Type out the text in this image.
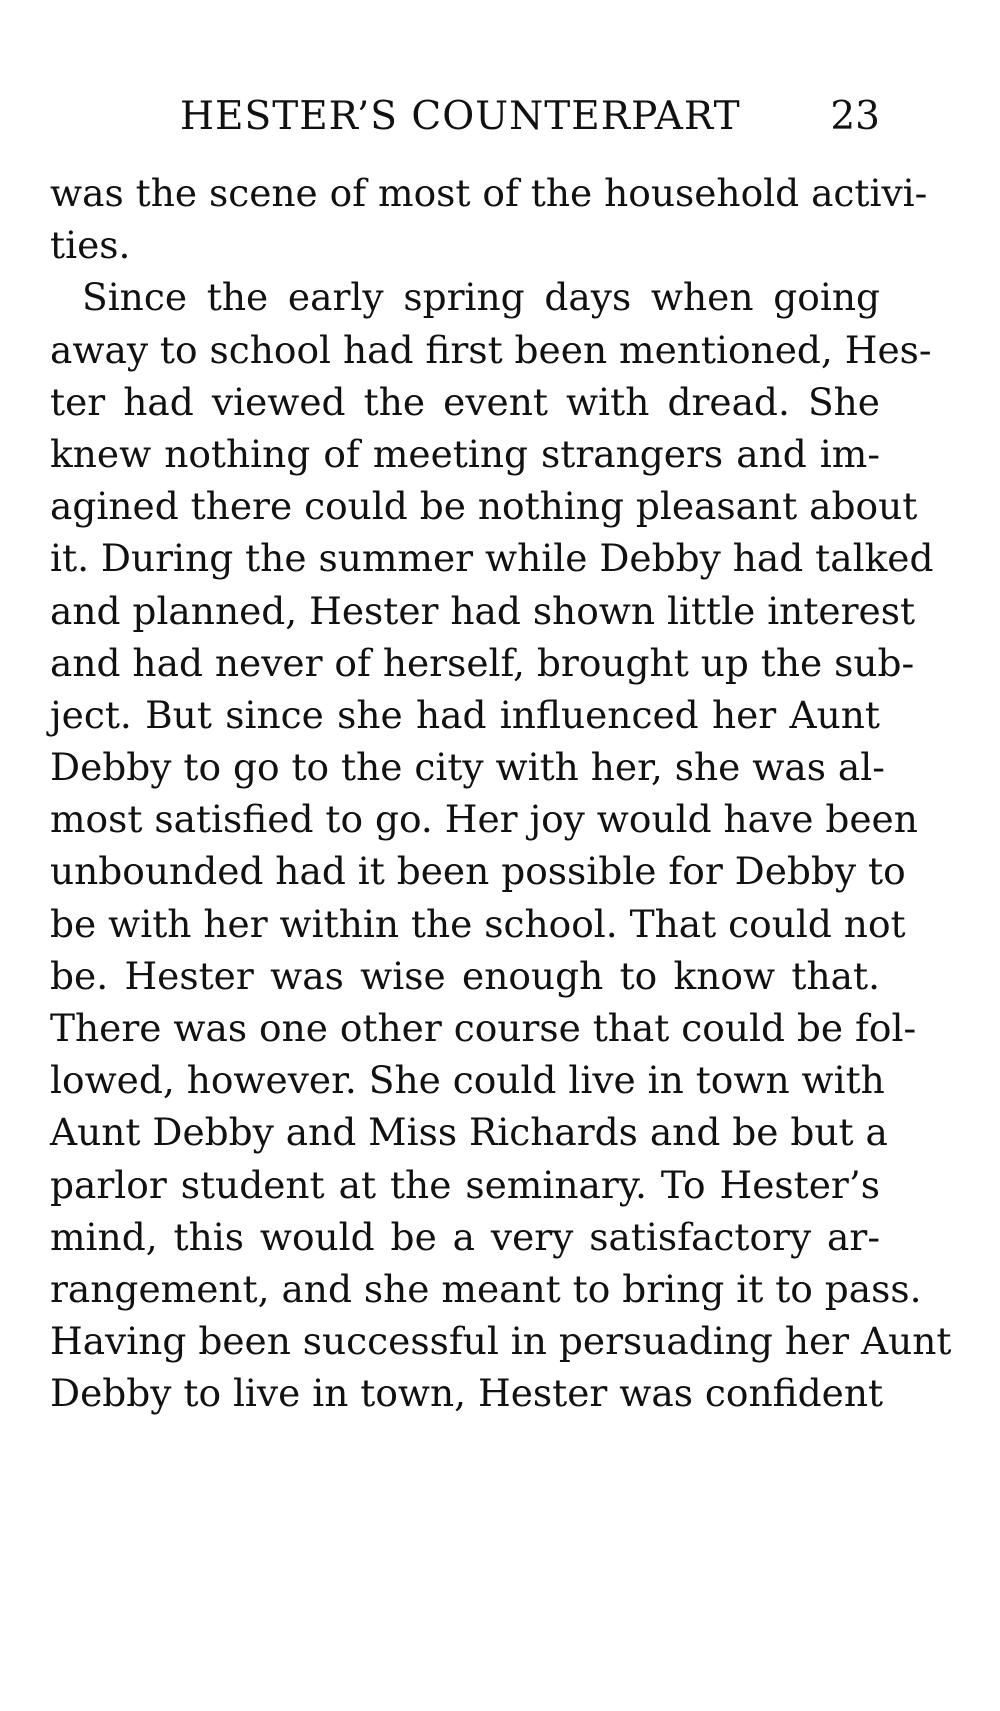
HESTER’S COUNTERPART 23
was the scene of most of the household activi-
ties.
Since the early spring days when going
away to school had first been mentioned, Hes-
ter had viewed the event with dread. She
knew nothing of meeting strangers and im-
agined there could be nothing pleasant about
it. During the summer while Debby had talked
and planned, Hester had shown little interest
and had never of herself, brought up the sub-
ject. But since she had influenced her Aunt
Debby to go to the city with her, she was al-
most satisfied to go. Her joy would have been
unbounded had it been possible for Debby to
be with her within the school. That could not
be. Hester was wise enough to know that.
There was one other course that could be fol-
lowed, however. She could live in town with
Aunt Debby and Miss Richards and be but a
parlor student at the seminary. To Hester’s
mind, this would be a very satisfactory ar-
rangement, and she meant to bring it to pass.
Having been successful in persuading her Aunt
Debby to live in town, Hester was confident
